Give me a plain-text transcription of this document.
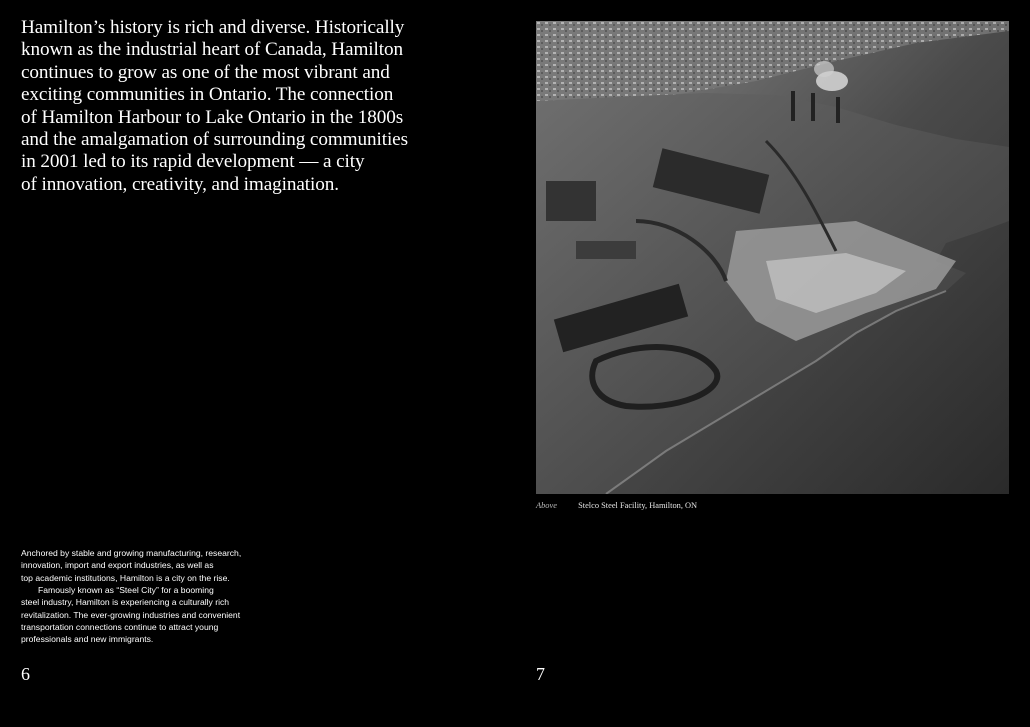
Hamilton’s history is rich and diverse. Historically
known as the industrial heart of Canada, Hamilton
continues to grow as one of the most vibrant and
exciting communities in Ontario. The connection
of Hamilton Harbour to Lake Ontario in the 1800s
and the amalgamation of surrounding communities
in 2001 led to its rapid development — a city
of innovation, creativity, and imagination.
Anchored by stable and growing manufacturing, research,
innovation, import and export industries, as well as
top academic institutions, Hamilton is a city on the rise.
Famously known as “Steel City” for a booming
steel industry, Hamilton is experiencing a culturally rich
revitalization. The ever-growing industries and convenient
transportation connections continue to attract young
professionals and new immigrants.
6
Above	Stelco Steel Facility, Hamilton, ON
7
